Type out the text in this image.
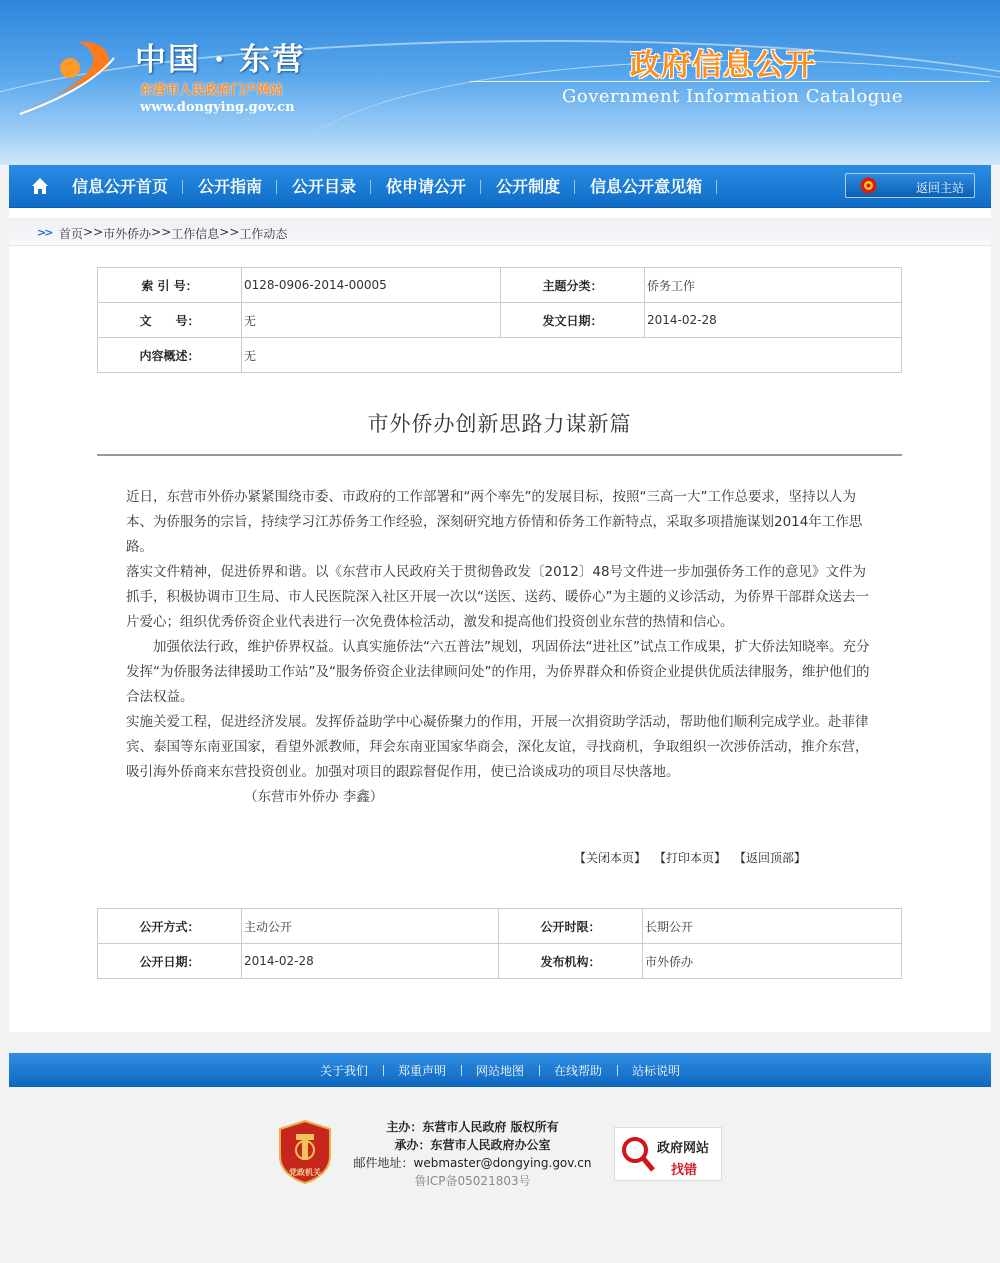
中国 · 东营
东营市人民政府门户网站
www.dongying.gov.cn
政府信息公开
Government Information Catalogue
信息公开首页	公开指南	公开目录	依申请公开	公开制度	信息公开意见箱	返回主站
>> 首页 >> 市外侨办 >> 工作信息 >> 工作动态
索 引 号：	0128-0906-2014-00005	主题分类：	侨务工作
文　　号：	无	发文日期：	2014-02-28
内容概述：	无		
市外侨办创新思路力谋新篇

近日，东营市外侨办紧紧围绕市委、市政府的工作部署和“两个率先”的发展目标，按照“三高一大”工作总要求，坚持以人为本、为侨服务的宗旨，持续学习江苏侨务工作经验，深刻研究地方侨情和侨务工作新特点，采取多项措施谋划2014年工作思路。

落实文件精神，促进侨界和谐。以《东营市人民政府关于贯彻鲁政发〔2012〕48号文件进一步加强侨务工作的意见》文件为抓手，积极协调市卫生局、市人民医院深入社区开展一次以“送医、送药、暖侨心”为主题的义诊活动，为侨界干部群众送去一片爱心；组织优秀侨资企业代表进行一次免费体检活动，激发和提高他们投资创业东营的热情和信心。

加强依法行政，维护侨界权益。认真实施侨法“六五普法”规划，巩固侨法“进社区”试点工作成果，扩大侨法知晓率。充分发挥“为侨服务法律援助工作站”及“服务侨资企业法律顾问处”的作用，为侨界群众和侨资企业提供优质法律服务，维护他们的合法权益。

实施关爱工程，促进经济发展。发挥侨益助学中心凝侨聚力的作用，开展一次捐资助学活动，帮助他们顺利完成学业。赴菲律宾、泰国等东南亚国家，看望外派教师，拜会东南亚国家华商会，深化友谊，寻找商机，争取组织一次涉侨活动，推介东营，吸引海外侨商来东营投资创业。加强对项目的跟踪督促作用，使已洽谈成功的项目尽快落地。

（东营市外侨办 李鑫）

【关闭本页】 【打印本页】 【返回顶部】
公开方式：	主动公开	公开时限：	长期公开
公开日期：	2014-02-28	发布机构：	市外侨办
关于我们	郑重声明	网站地图	在线帮助	站标说明
党政机关
主办：东营市人民政府 版权所有
承办：东营市人民政府办公室
邮件地址：webmaster@dongying.gov.cn
鲁ICP备05021803号
政府网站
找错
